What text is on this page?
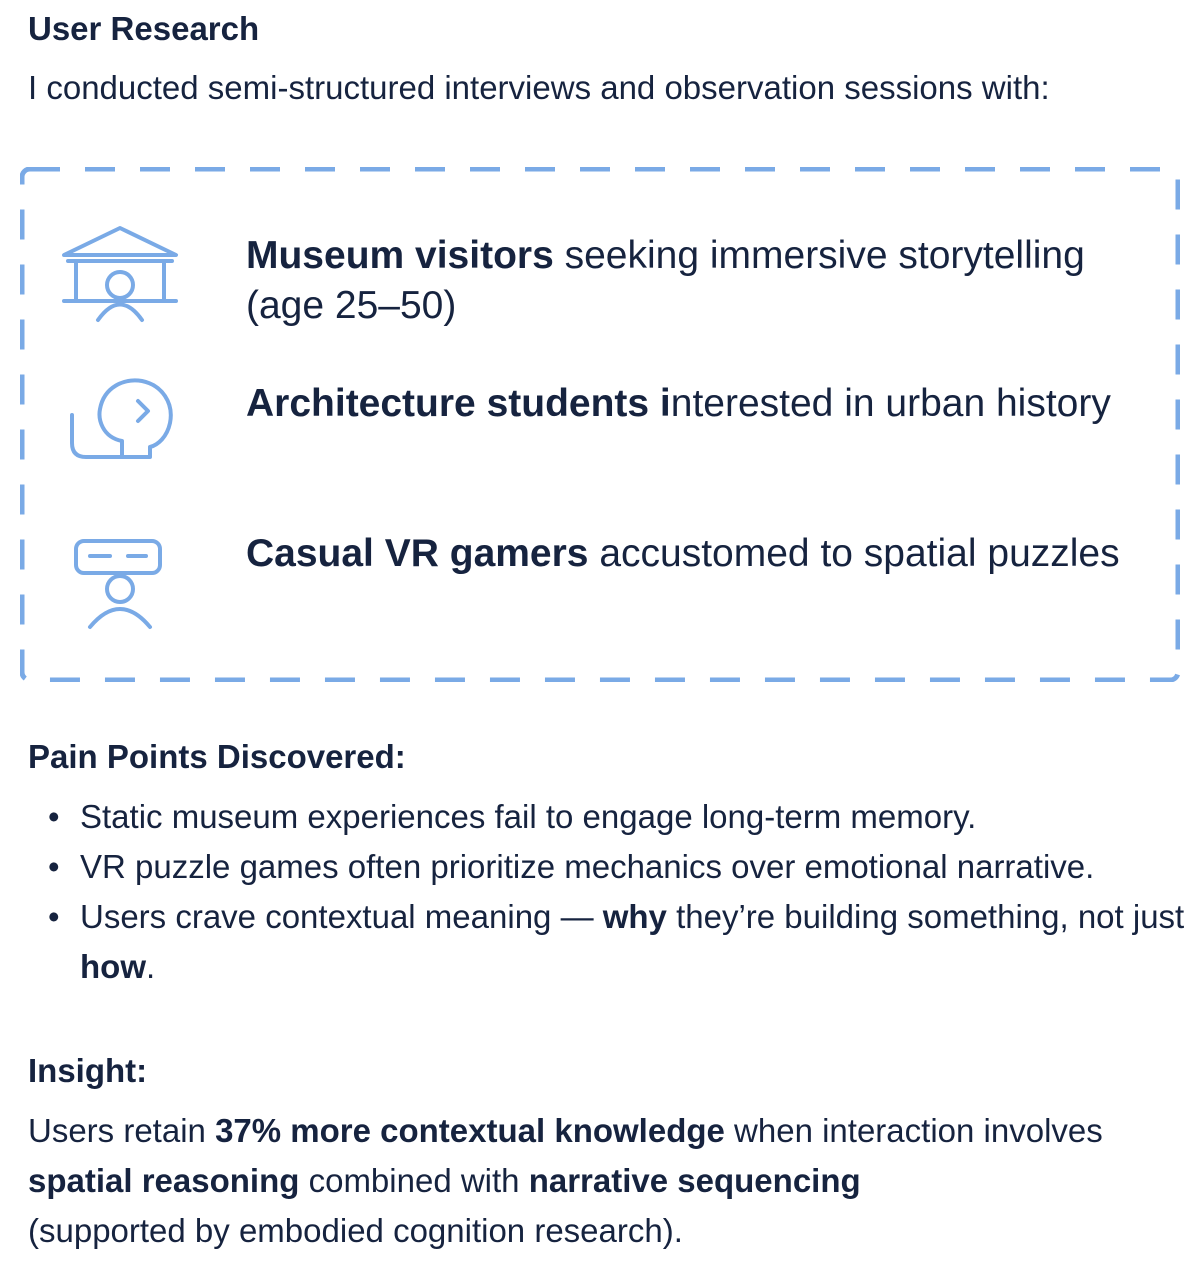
User Research
I conducted semi-structured interviews and observation sessions with:
Museum visitors seeking immersive storytelling (age 25–50)
Architecture students interested in urban history
Casual VR gamers accustomed to spatial puzzles
Pain Points Discovered:
• Static museum experiences fail to engage long-term memory.
• VR puzzle games often prioritize mechanics over emotional narrative.
• Users crave contextual meaning — why they’re building something, not just how.
Insight:
Users retain 37% more contextual knowledge when interaction involves
spatial reasoning combined with narrative sequencing
(supported by embodied cognition research).
